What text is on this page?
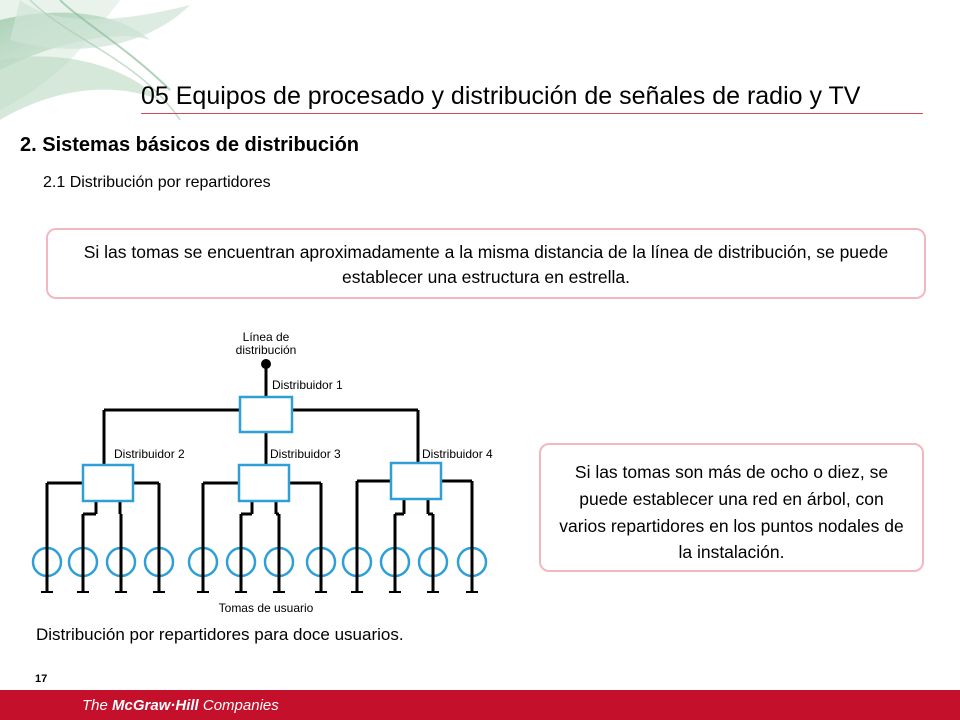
05 Equipos de procesado y distribución de señales de radio y TV
2. Sistemas básicos de distribución
2.1 Distribución por repartidores
Si las tomas se encuentran aproximadamente a la misma distancia de la línea de distribución, se puede establecer una estructura en estrella.
Línea de
distribución
Distribuidor 1
Distribuidor 2	Distribuidor 3	Distribuidor 4
Tomas de usuario
Si las tomas son más de ocho o diez, se puede establecer una red en árbol, con varios repartidores en los puntos nodales de la instalación.
Distribución por repartidores para doce usuarios.
17
The McGraw·Hill Companies
